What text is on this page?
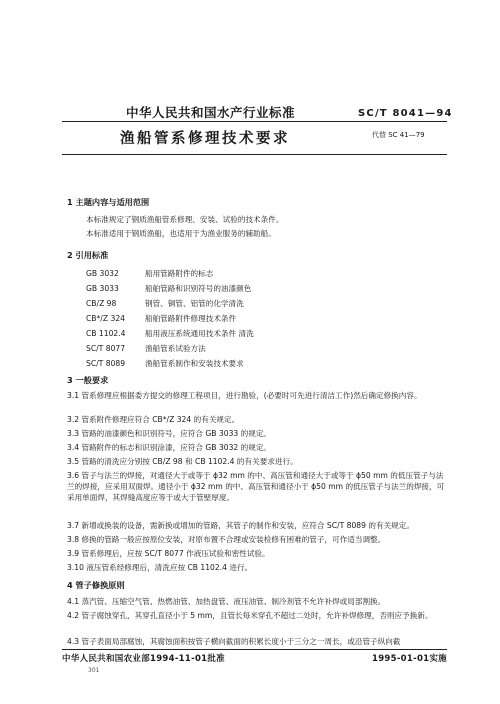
中华人民共和国水产行业标准	SC/T 8041—94
渔船管系修理技术要求	代替 SC 41—79
1 主题内容与适用范围
本标准规定了钢质渔船管系修理、安装、试验的技术条件。
本标准适用于钢质渔船，也适用于为渔业服务的辅助船。
2 引用标准
GB 3032	船用管路附件的标志
GB 3033	船舶管路和识别符号的油漆颜色
CB/Z 98	钢管、铜管、铝管的化学清洗
CB*/Z 324	船舶管路附件修理技术条件
CB 1102.4	船用液压系统通用技术条件 清洗
SC/T 8077	渔船管系试验方法
SC/T 8089	渔船管系制作和安装技术要求
3 一般要求
3.1 管系修理应根据委方提交的修理工程项目，进行勘验，(必要时可先进行清洁工作)然后确定修换内容。
3.2 管系附件修理应符合 CB*/Z 324 的有关规定。
3.3 管路的油漆颜色和识别符号，应符合 GB 3033 的规定。
3.4 管路附件的标志和识别涂漆，应符合 GB 3032 的规定。
3.5 管路的清洗应分别按 CB/Z 98 和 CB 1102.4 的有关要求进行。
3.6 管子与法兰的焊接，对通径大于或等于 ϕ32 mm 的中、高压管和通径大于或等于 ϕ50 mm 的低压管子与法兰的焊接，应采用双面焊。通径小于 ϕ32 mm 的中、高压管和通径小于 ϕ50 mm 的低压管子与法兰的焊接，可采用单面焊，其焊缝高度应等于或大于管壁厚度。
3.7 新增或换装的设备，需新换或增加的管路，其管子的制作和安装，应符合 SC/T 8089 的有关规定。
3.8 修换的管路一般应按原位安装，对原布置不合理或安装检修有困难的管子，可作适当调整。
3.9 管系修理后，应按 SC/T 8077 作液压试验和密性试验。
3.10 液压管系经修理后，清洗应按 CB 1102.4 进行。
4 管子修换原则
4.1 蒸汽管、压缩空气管、热燃油管、加热盘管、液压油管、制冷剂管不允许补焊或局部割换。
4.2 管子腐蚀穿孔，其穿孔直径小于 5 mm，且管长每米穿孔不超过二处时，允许补焊修理，否则应予换新。
4.3 管子表面局部腐蚀，其腐蚀面积按管子横向截面的积累长度小于三分之一周长，或沿管子纵向截
中华人民共和国农业部1994-11-01批准	1995-01-01实施
301
